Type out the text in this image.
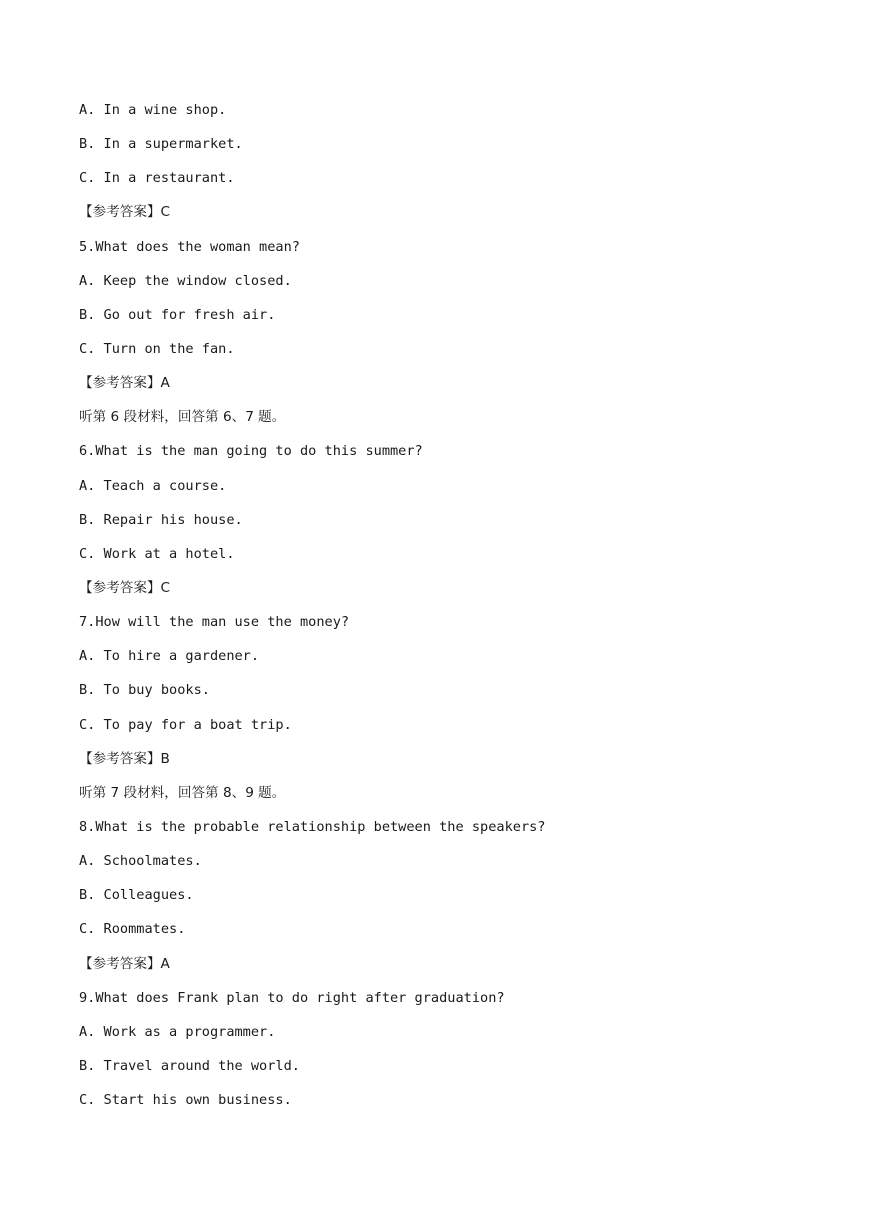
A. In a wine shop.
B. In a supermarket.
C. In a restaurant.
【参考答案】C
5.What does the woman mean?
A. Keep the window closed.
B. Go out for fresh air.
C. Turn on the fan.
【参考答案】A
听第 6 段材料，回答第 6、7 题。
6.What is the man going to do this summer?
A. Teach a course.
B. Repair his house.
C. Work at a hotel.
【参考答案】C
7.How will the man use the money?
A. To hire a gardener.
B. To buy books.
C. To pay for a boat trip.
【参考答案】B
听第 7 段材料，回答第 8、9 题。
8.What is the probable relationship between the speakers?
A. Schoolmates.
B. Colleagues.
C. Roommates.
【参考答案】A
9.What does Frank plan to do right after graduation?
A. Work as a programmer.
B. Travel around the world.
C. Start his own business.
